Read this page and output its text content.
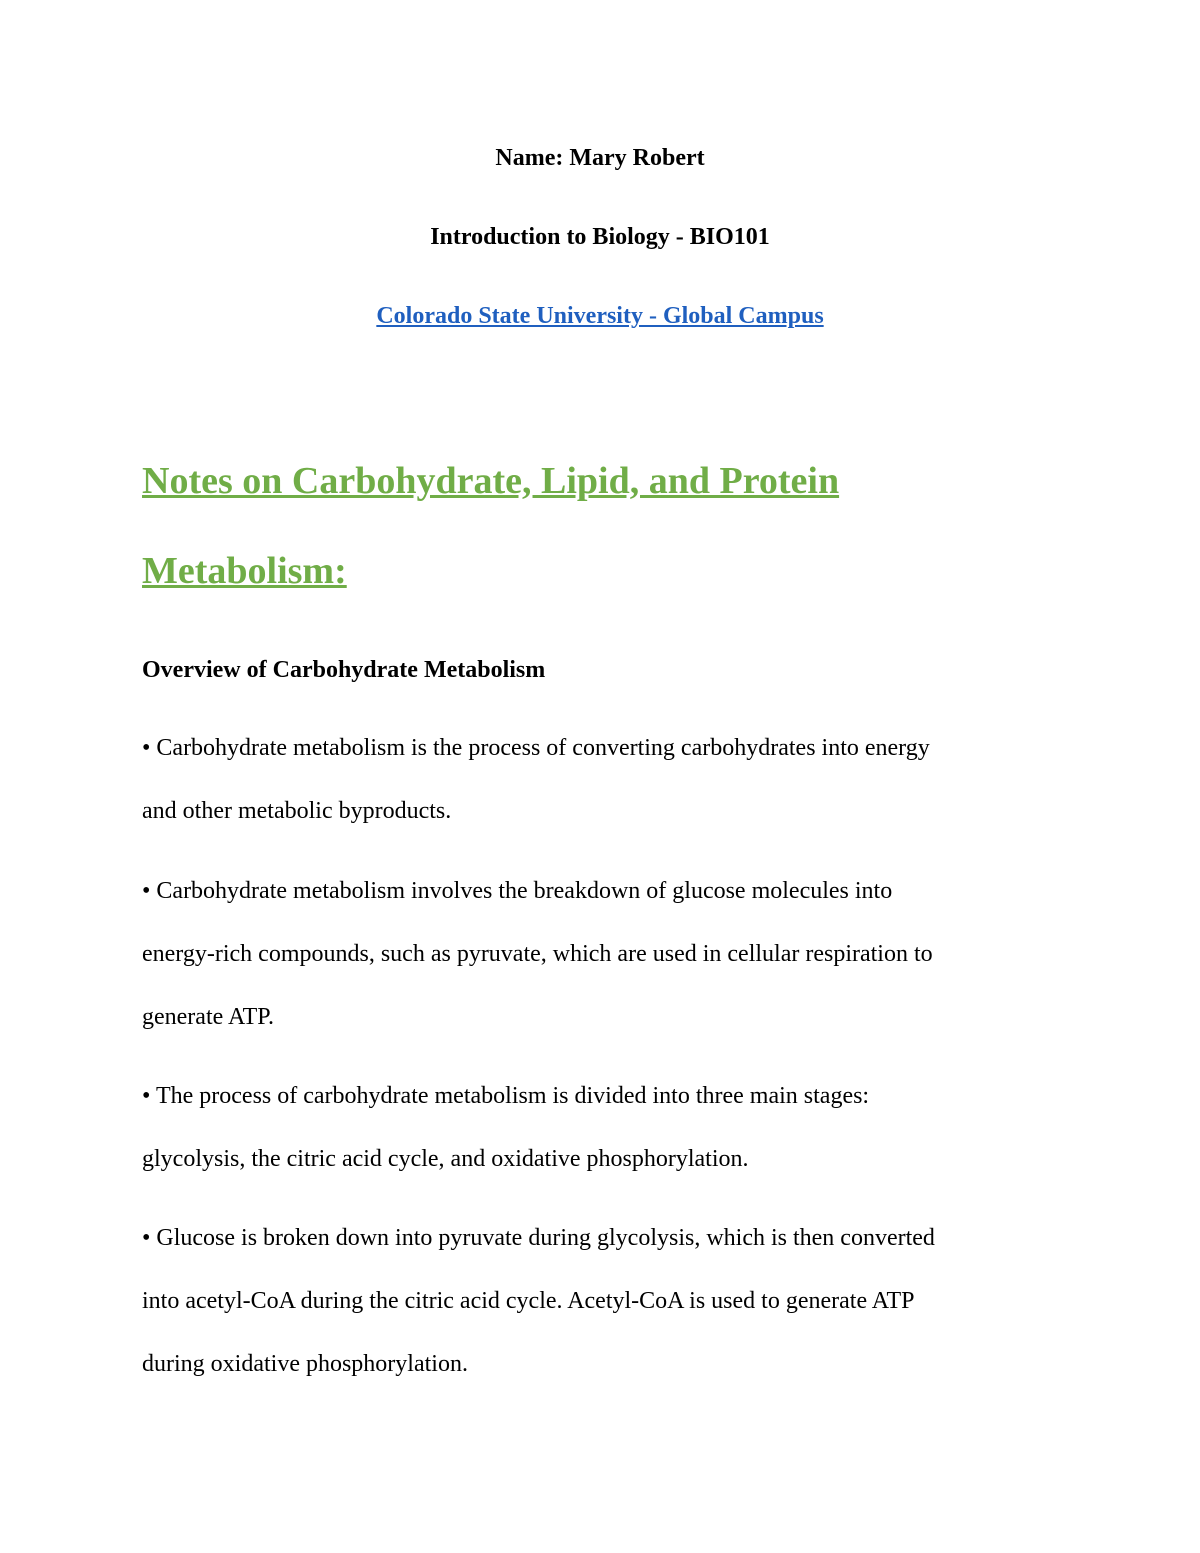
Name: Mary Robert
Introduction to Biology - BIO101
Colorado State University - Global Campus
Notes on Carbohydrate, Lipid, and Protein
Metabolism:
Overview of Carbohydrate Metabolism
• Carbohydrate metabolism is the process of converting carbohydrates into energy
and other metabolic byproducts.
• Carbohydrate metabolism involves the breakdown of glucose molecules into
energy-rich compounds, such as pyruvate, which are used in cellular respiration to
generate ATP.
• The process of carbohydrate metabolism is divided into three main stages:
glycolysis, the citric acid cycle, and oxidative phosphorylation.
• Glucose is broken down into pyruvate during glycolysis, which is then converted
into acetyl-CoA during the citric acid cycle. Acetyl-CoA is used to generate ATP
during oxidative phosphorylation.
